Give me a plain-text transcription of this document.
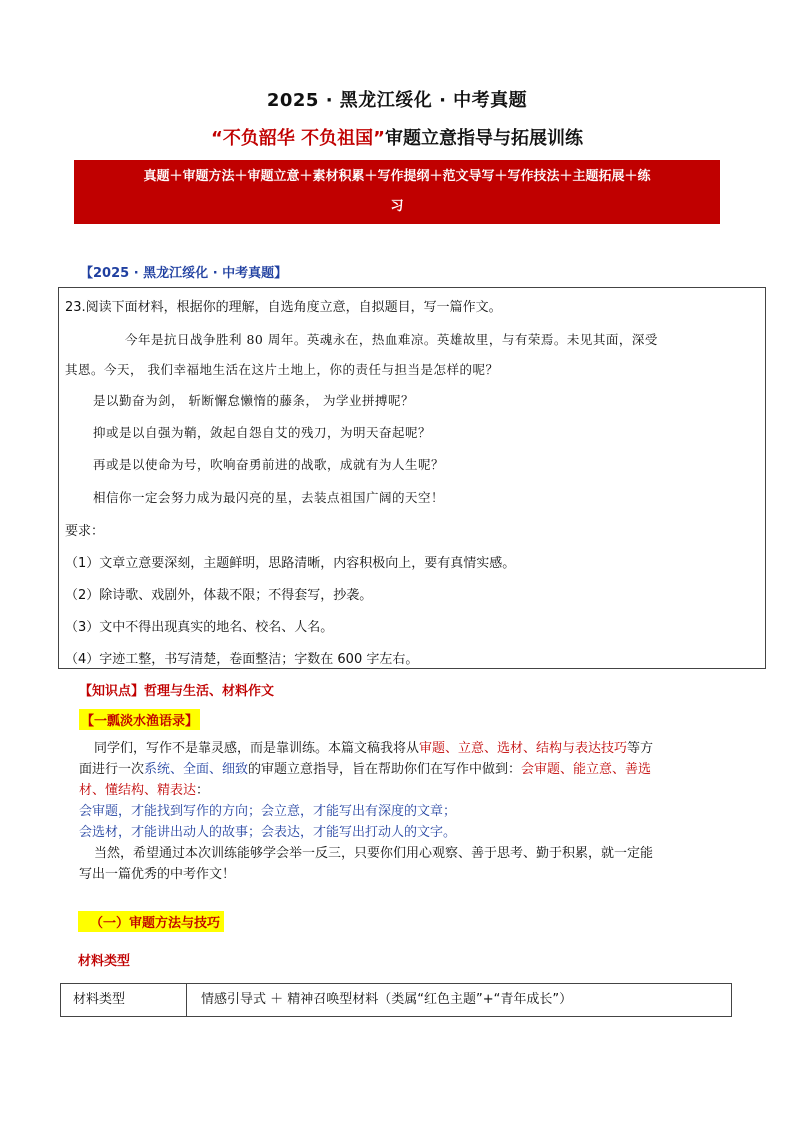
2025 · 黑龙江绥化 · 中考真题
“不负韶华 不负祖国”审题立意指导与拓展训练
真题＋审题方法＋审题立意＋素材积累＋写作提纲＋范文导写＋写作技法＋主题拓展＋练
习
【2025 · 黑龙江绥化 · 中考真题】
23.阅读下面材料，根据你的理解，自选角度立意，自拟题目，写一篇作文。
今年是抗日战争胜利 80 周年。英魂永在，热血难凉。英雄故里，与有荣焉。未见其面，深受
其恩。今天， 我们幸福地生活在这片土地上，你的责任与担当是怎样的呢？
是以勤奋为剑， 斩断懈怠懒惰的藤条， 为学业拼搏呢？
抑或是以自强为鞘，敛起自怨自艾的残刀，为明天奋起呢？
再或是以使命为号，吹响奋勇前进的战歌，成就有为人生呢？
相信你一定会努力成为最闪亮的星，去装点祖国广阔的天空！
要求：
（1）文章立意要深刻，主题鲜明，思路清晰，内容积极向上，要有真情实感。
（2）除诗歌、戏剧外，体裁不限；不得套写，抄袭。
（3）文中不得出现真实的地名、校名、人名。
（4）字迹工整，书写清楚，卷面整洁；字数在 600 字左右。
【知识点】哲理与生活、材料作文
【一瓢淡水渔语录】
同学们，写作不是靠灵感，而是靠训练。本篇文稿我将从审题、立意、选材、结构与表达技巧等方
面进行一次系统、全面、细致的审题立意指导，旨在帮助你们在写作中做到：会审题、能立意、善选
材、懂结构、精表达：
会审题，才能找到写作的方向；会立意，才能写出有深度的文章；
会选材，才能讲出动人的故事；会表达，才能写出打动人的文字。
当然，希望通过本次训练能够学会举一反三，只要你们用心观察、善于思考、勤于积累，就一定能
写出一篇优秀的中考作文！
（一）审题方法与技巧
材料类型
材料类型	情感引导式 ＋ 精神召唤型材料（类属“红色主题”+“青年成长”）
